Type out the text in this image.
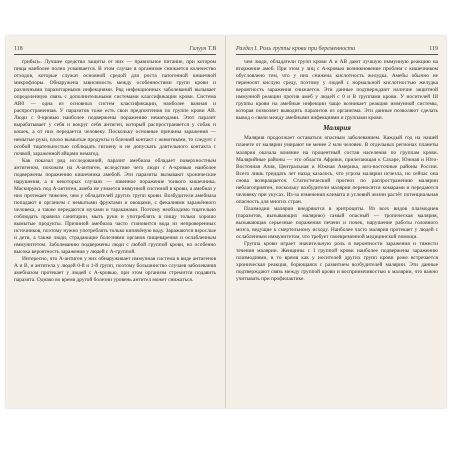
118	Гилуун Т.В

грибы)». Лучшее средство защиты от них — правильное питание, при котором пища наиболее полно усваивается. В этом случае в организме снижается количество отходов, которые служат основной средой для роста патогенной кишечной микрофлоры. Обнаружена зависимость между особенностями групп крови и различными паразитарными инфекциями. Ряд инфекционных заболеваний вызывает определенную связь с дополнительными системами классификации крови. Система АВ0 — одна из основных систем классификации, наиболее важная и распространенная. У паразитов тоже есть свои предпочтения по группе крови АВ. Люди с 0-кровью наиболее подвержены поражению нематодами. Этот паразит вырабатывает у себя и вокруг себя антиген, который распространяется у собак и кошек, а от них передается человеку. Поскольку основные причины заражения — немытые руки, плохо вымытые продукты и близкий контакт с животными, то следует с особой тщательностью соблюдать гигиену и не допускать длительного контакта с почвой, зараженной яйцами нематод.

Как показал ряд исследований, паразит амебиаза обладает поверхностным антигеном, похожим на А-антиген, вследствие чего люди с A-кровью наиболее подвержены поражению кишечника амебой. Эти паразиты вызывают хронические нарушения, а в некоторых случаях — язвенное поражение тонкого кишечника. Маскируясь под А-антиген, амеба не узнается иммунной системой в крови, а амебиаз у них протекает тяжелее, чем у обладателей других групп крови. Возбудители амебиаза попадают в организм с немытыми фруктами и овощами, с фекалиями заражённого человека, а также передаются мухами и тараканами. Поэтому необходимо тщательно соблюдать правила санитарии, мыть руки и употреблять в пищу только хорошо вымытые продукты. Причиной амебиаза часто становится вода из непроверенных источников, поэтому нужно употреблять только кипячёную воду. Заражаются взрослые и дети, а также люди, страдающие болезнями органов пищеварения и ослабленным иммунитетом. Заболеванию подвержены люди с любой группой крови, но особенно высока вероятность заражения у людей с A-группой.

Интересно, что А-антиген у них обнаруживает иммунная система в виде антигенов А и В, и антитела у людей 0-й и 1-й групп, поэтому большинство случаев заболевания амебиазом протекает у людей с A-кровью, при этом организм стремится подавить паразита. Однако во время другой болезни уровень антител может снижаться.

Раздел I. Роль группы крови при беременности	119

чем люди, обладатели групп крови А и АВ дают лучшую иммунную реакцию на вторжение амеб. При этом у лиц с A-кровью возникновение проблем с кишечником обусловлено тем, что у них снижена кислотность желудка. Амебы обычно не переносят кислую среду, поэтому у людей с нормальной кислотностью желудка вероятность заражения снижается. Эти данные подтверждают наличие защитной иммунной реакции против амеб у людей с 0 и В группами крови. У носителей III группы крови на амебные инфекции чаще возникает реакция иммунной системы, которая позволяет выводить паразитов из организма. Эти данные позволяют сделать вывод о связи между амебными инфекциями и группами крови.

Малярия

Малярия продолжает оставаться опасным заболеванием. Каждый год на нашей планете от малярии умирают не менее 2 млн человек. В отдельных регионах планеты малярия оказала влияние на процентный состав населения по группам крови. Малярийные районы — это области Африки, прилегающая к Сахаре, Южная и Юго-Восточная Азия, Центральная и Южная Америка, юго-восточные районы России. Всего лишь тридцать лет назад казалось, что угроза малярии исчезла, но сейчас она снова возвращается. Статистический прогноз по распространению малярии неблагоприятен, поскольку возбудители малярии переносятся комарами и передаются человеку при укусах. Из-за изменения климата и условий жизни растёт потенциальная опасность для многих стран.

Плазмодии малярии внедряются в эритроциты. Из всех видов плазмодиев (паразитов, вызывающих малярию) самый опасный — тропическая малярия, вызывающая серьезные поражения печени и почек, нарушение работы головного мозга, ведущие к смертельному исходу. Наиболее часто малярия протекает у людей с ослабленным иммунитетом, что требует своевременной медицинской помощи.

Группа крови играет значительную роль в вероятности заражения и тяжести течения малярии. Женщины с I группой крови наиболее подвержены заражению плазмодиями, в то время как у носителей других групп крови реже встречается хроническая реакция, борющаяся с развитием возбудителей малярии. Эти данные подтверждают связь между группой крови и восприимчивостью к малярии, что важно учитывать при профилактике.
